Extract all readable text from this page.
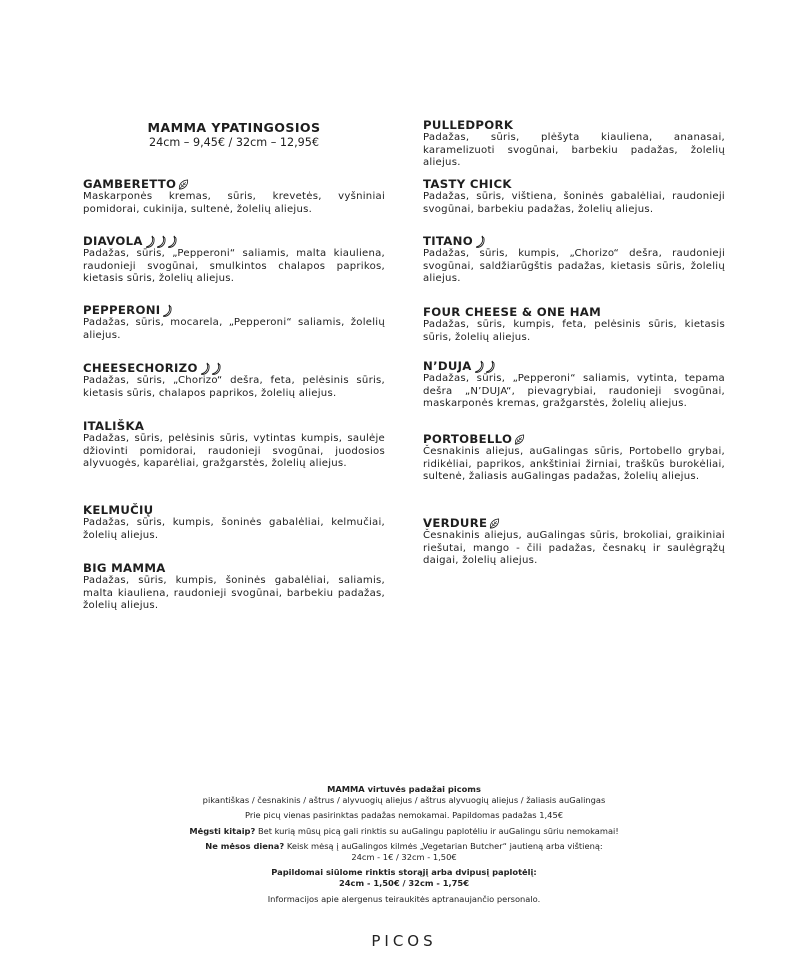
MAMMA YPATINGOSIOS
24cm – 9,45€ / 32cm – 12,95€
GAMBERETTO
Maskarponės kremas, sūris, krevetės, vyšniniai pomidorai, cukinija, sultenė, žolelių aliejus.
DIAVOLA
Padažas, sūris, „Pepperoni“ saliamis, malta kiauliena, raudonieji svogūnai, smulkintos chalapos paprikos, kietasis sūris, žolelių aliejus.
PEPPERONI
Padažas, sūris, mocarela, „Pepperoni“ saliamis, žolelių aliejus.
CHEESECHORIZO
Padažas, sūris, „Chorizo“ dešra, feta, pelėsinis sūris, kietasis sūris, chalapos paprikos, žolelių aliejus.
ITALIŠKA
Padažas, sūris, pelėsinis sūris, vytintas kumpis, saulėje džiovinti pomidorai, raudonieji svogūnai, juodosios alyvuogės, kaparėliai, gražgarstės, žolelių aliejus.
KELMUČIŲ
Padažas, sūris, kumpis, šoninės gabalėliai, kelmučiai, žolelių aliejus.
BIG MAMMA
Padažas, sūris, kumpis, šoninės gabalėliai, saliamis, malta kiauliena, raudonieji svogūnai, barbekiu padažas, žolelių aliejus.
PULLEDPORK
Padažas, sūris, plėšyta kiauliena, ananasai, karamelizuoti svogūnai, barbekiu padažas, žolelių aliejus.
TASTY CHICK
Padažas, sūris, vištiena, šoninės gabalėliai, raudonieji svogūnai, barbekiu padažas, žolelių aliejus.
TITANO
Padažas, sūris, kumpis, „Chorizo“ dešra, raudonieji svogūnai, saldžiarūgštis padažas, kietasis sūris, žolelių aliejus.
FOUR CHEESE & ONE HAM
Padažas, sūris, kumpis, feta, pelėsinis sūris, kietasis sūris, žolelių aliejus.
N’DUJA
Padažas, sūris, „Pepperoni“ saliamis, vytinta, tepama dešra „N’DUJA“, pievagrybiai, raudonieji svogūnai, maskarponės kremas, gražgarstės, žolelių aliejus.
PORTOBELLO
Česnakinis aliejus, auGalingas sūris, Portobello grybai, ridikėliai, paprikos, ankštiniai žirniai, traškūs burokėliai, sultenė, žaliasis auGalingas padažas, žolelių aliejus.
VERDURE
Česnakinis aliejus, auGalingas sūris, brokoliai, graikiniai riešutai, mango - čili padažas, česnakų ir saulėgrąžų daigai, žolelių aliejus.
MAMMA virtuvės padažai picoms
pikantiškas / česnakinis / aštrus / alyvuogių aliejus / aštrus alyvuogių aliejus / žaliasis auGalingas
Prie picų vienas pasirinktas padažas nemokamai. Papildomas padažas 1,45€
Mėgsti kitaip? Bet kurią mūsų picą gali rinktis su auGalingu paplotėliu ir auGalingu sūriu nemokamai!
Ne mėsos diena? Keisk mėsą į auGalingos kilmės „Vegetarian Butcher“ jautieną arba vištieną:
24cm - 1€ / 32cm - 1,50€
Papildomai siūlome rinktis storąjį arba dvipusį paplotėlį:
24cm - 1,50€ / 32cm - 1,75€
Informacijos apie alergenus teiraukitės aptranaujančio personalo.
PICOS
